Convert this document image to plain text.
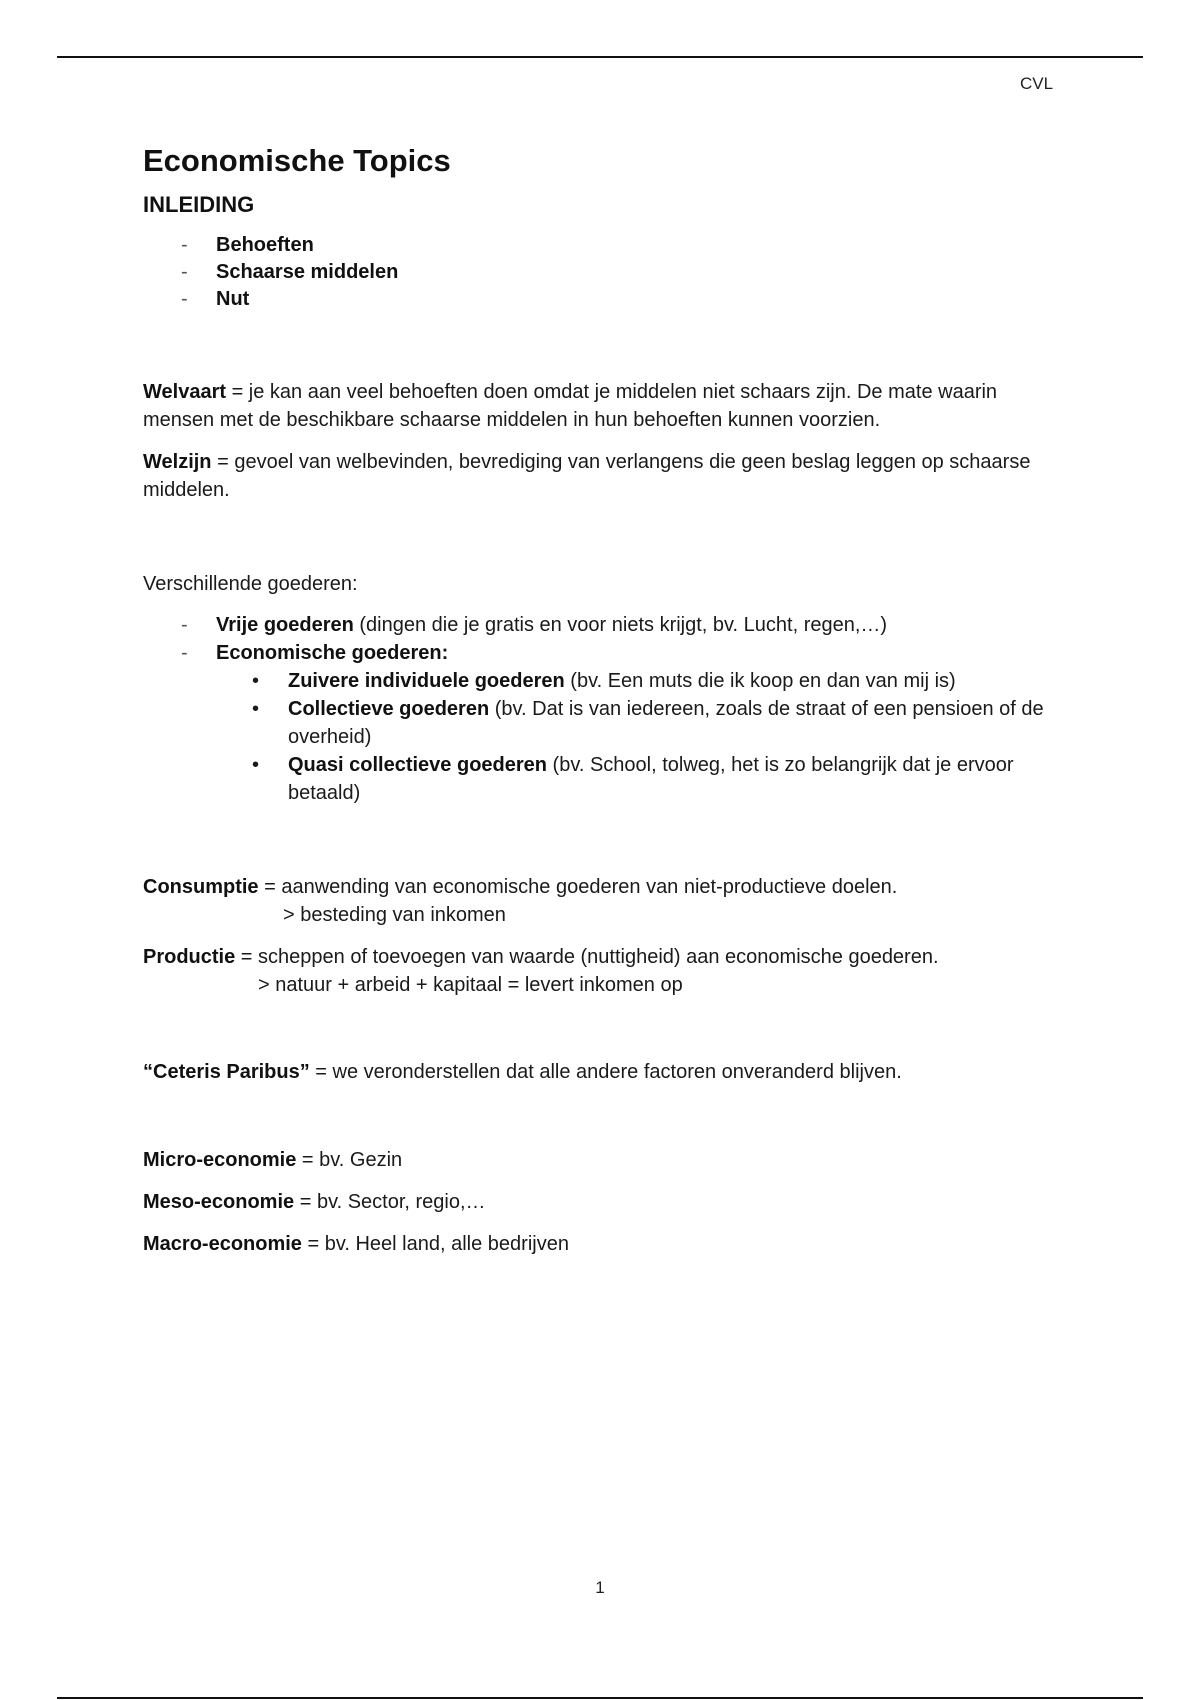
CVL
Economische Topics
INLEIDING
- Behoeften
- Schaarse middelen
- Nut

Welvaart = je kan aan veel behoeften doen omdat je middelen niet schaars zijn. De mate waarin mensen met de beschikbare schaarse middelen in hun behoeften kunnen voorzien.

Welzijn = gevoel van welbevinden, bevrediging van verlangens die geen beslag leggen op schaarse middelen.

Verschillende goederen:

- Vrije goederen (dingen die je gratis en voor niets krijgt, bv. Lucht, regen,…)
- Economische goederen:
• Zuivere individuele goederen (bv. Een muts die ik koop en dan van mij is)
• Collectieve goederen (bv. Dat is van iedereen, zoals de straat of een pensioen of de overheid)
• Quasi collectieve goederen (bv. School, tolweg, het is zo belangrijk dat je ervoor betaald)

Consumptie = aanwending van economische goederen van niet-productieve doelen.

> besteding van inkomen

Productie = scheppen of toevoegen van waarde (nuttigheid) aan economische goederen.

> natuur + arbeid + kapitaal = levert inkomen op

“Ceteris Paribus” = we veronderstellen dat alle andere factoren onveranderd blijven.

Micro-economie = bv. Gezin

Meso-economie = bv. Sector, regio,…

Macro-economie = bv. Heel land, alle bedrijven

1
